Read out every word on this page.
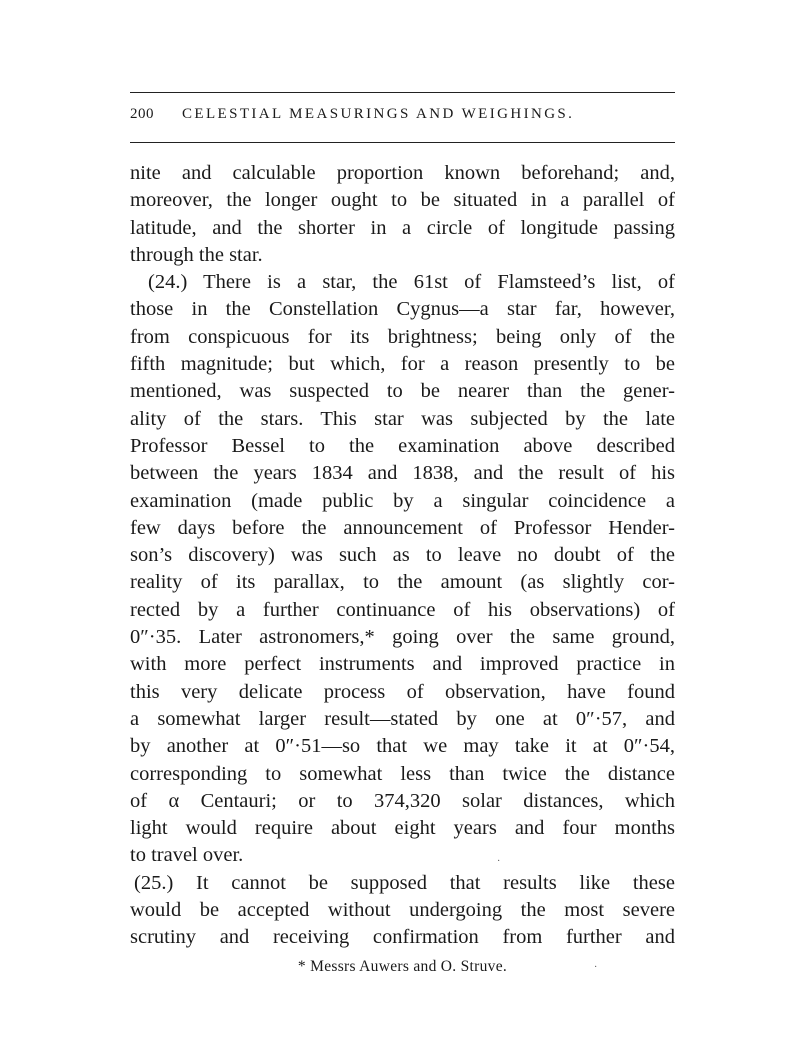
200	CELESTIAL MEASURINGS AND WEIGHINGS.

nite and calculable proportion known beforehand; and,
moreover, the longer ought to be situated in a parallel of
latitude, and the shorter in a circle of longitude passing
through the star.

(24.) There is a star, the 61st of Flamsteed’s list, of
those in the Constellation Cygnus—a star far, however,
from conspicuous for its brightness; being only of the
fifth magnitude; but which, for a reason presently to be
mentioned, was suspected to be nearer than the gener-
ality of the stars. This star was subjected by the late
Professor Bessel to the examination above described
between the years 1834 and 1838, and the result of his
examination (made public by a singular coincidence a
few days before the announcement of Professor Hender-
son’s discovery) was such as to leave no doubt of the
reality of its parallax, to the amount (as slightly cor-
rected by a further continuance of his observations) of
0″·35. Later astronomers,* going over the same ground,
with more perfect instruments and improved practice in
this very delicate process of observation, have found
a somewhat larger result—stated by one at 0″·57, and
by another at 0″·51—so that we may take it at 0″·54,
corresponding to somewhat less than twice the distance
of α Centauri; or to 374,320 solar distances, which
light would require about eight years and four months
to travel over.

(25.) It cannot be supposed that results like these
would be accepted without undergoing the most severe
scrutiny and receiving confirmation from further and

* Messrs Auwers and O. Struve.
·
·
